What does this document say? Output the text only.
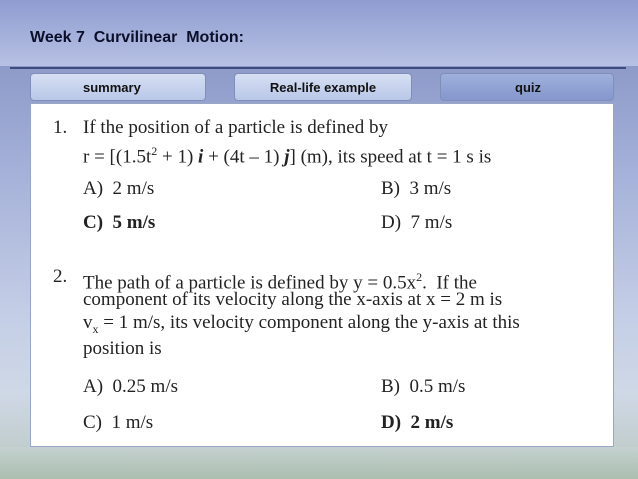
Week 7  Curvilinear  Motion:
summary	Real-life example	quiz
1. If the position of a particle is defined by
$r = [(1.5t^2 + 1) i + (4t - 1)$ j] (m), its speed at t = 1 s is
A)  2 m/s	B)  3 m/s
C)  5 m/s	D)  7 m/s
2. The path of a particle is defined by $y = 0.5x^2$.  If the
component of its velocity along the x-axis at x = 2 m is
$v_x = 1$ m/s, its velocity component along the y-axis at this
position is
A)  0.25 m/s	B)  0.5 m/s
C)  1 m/s	D)  2 m/s
